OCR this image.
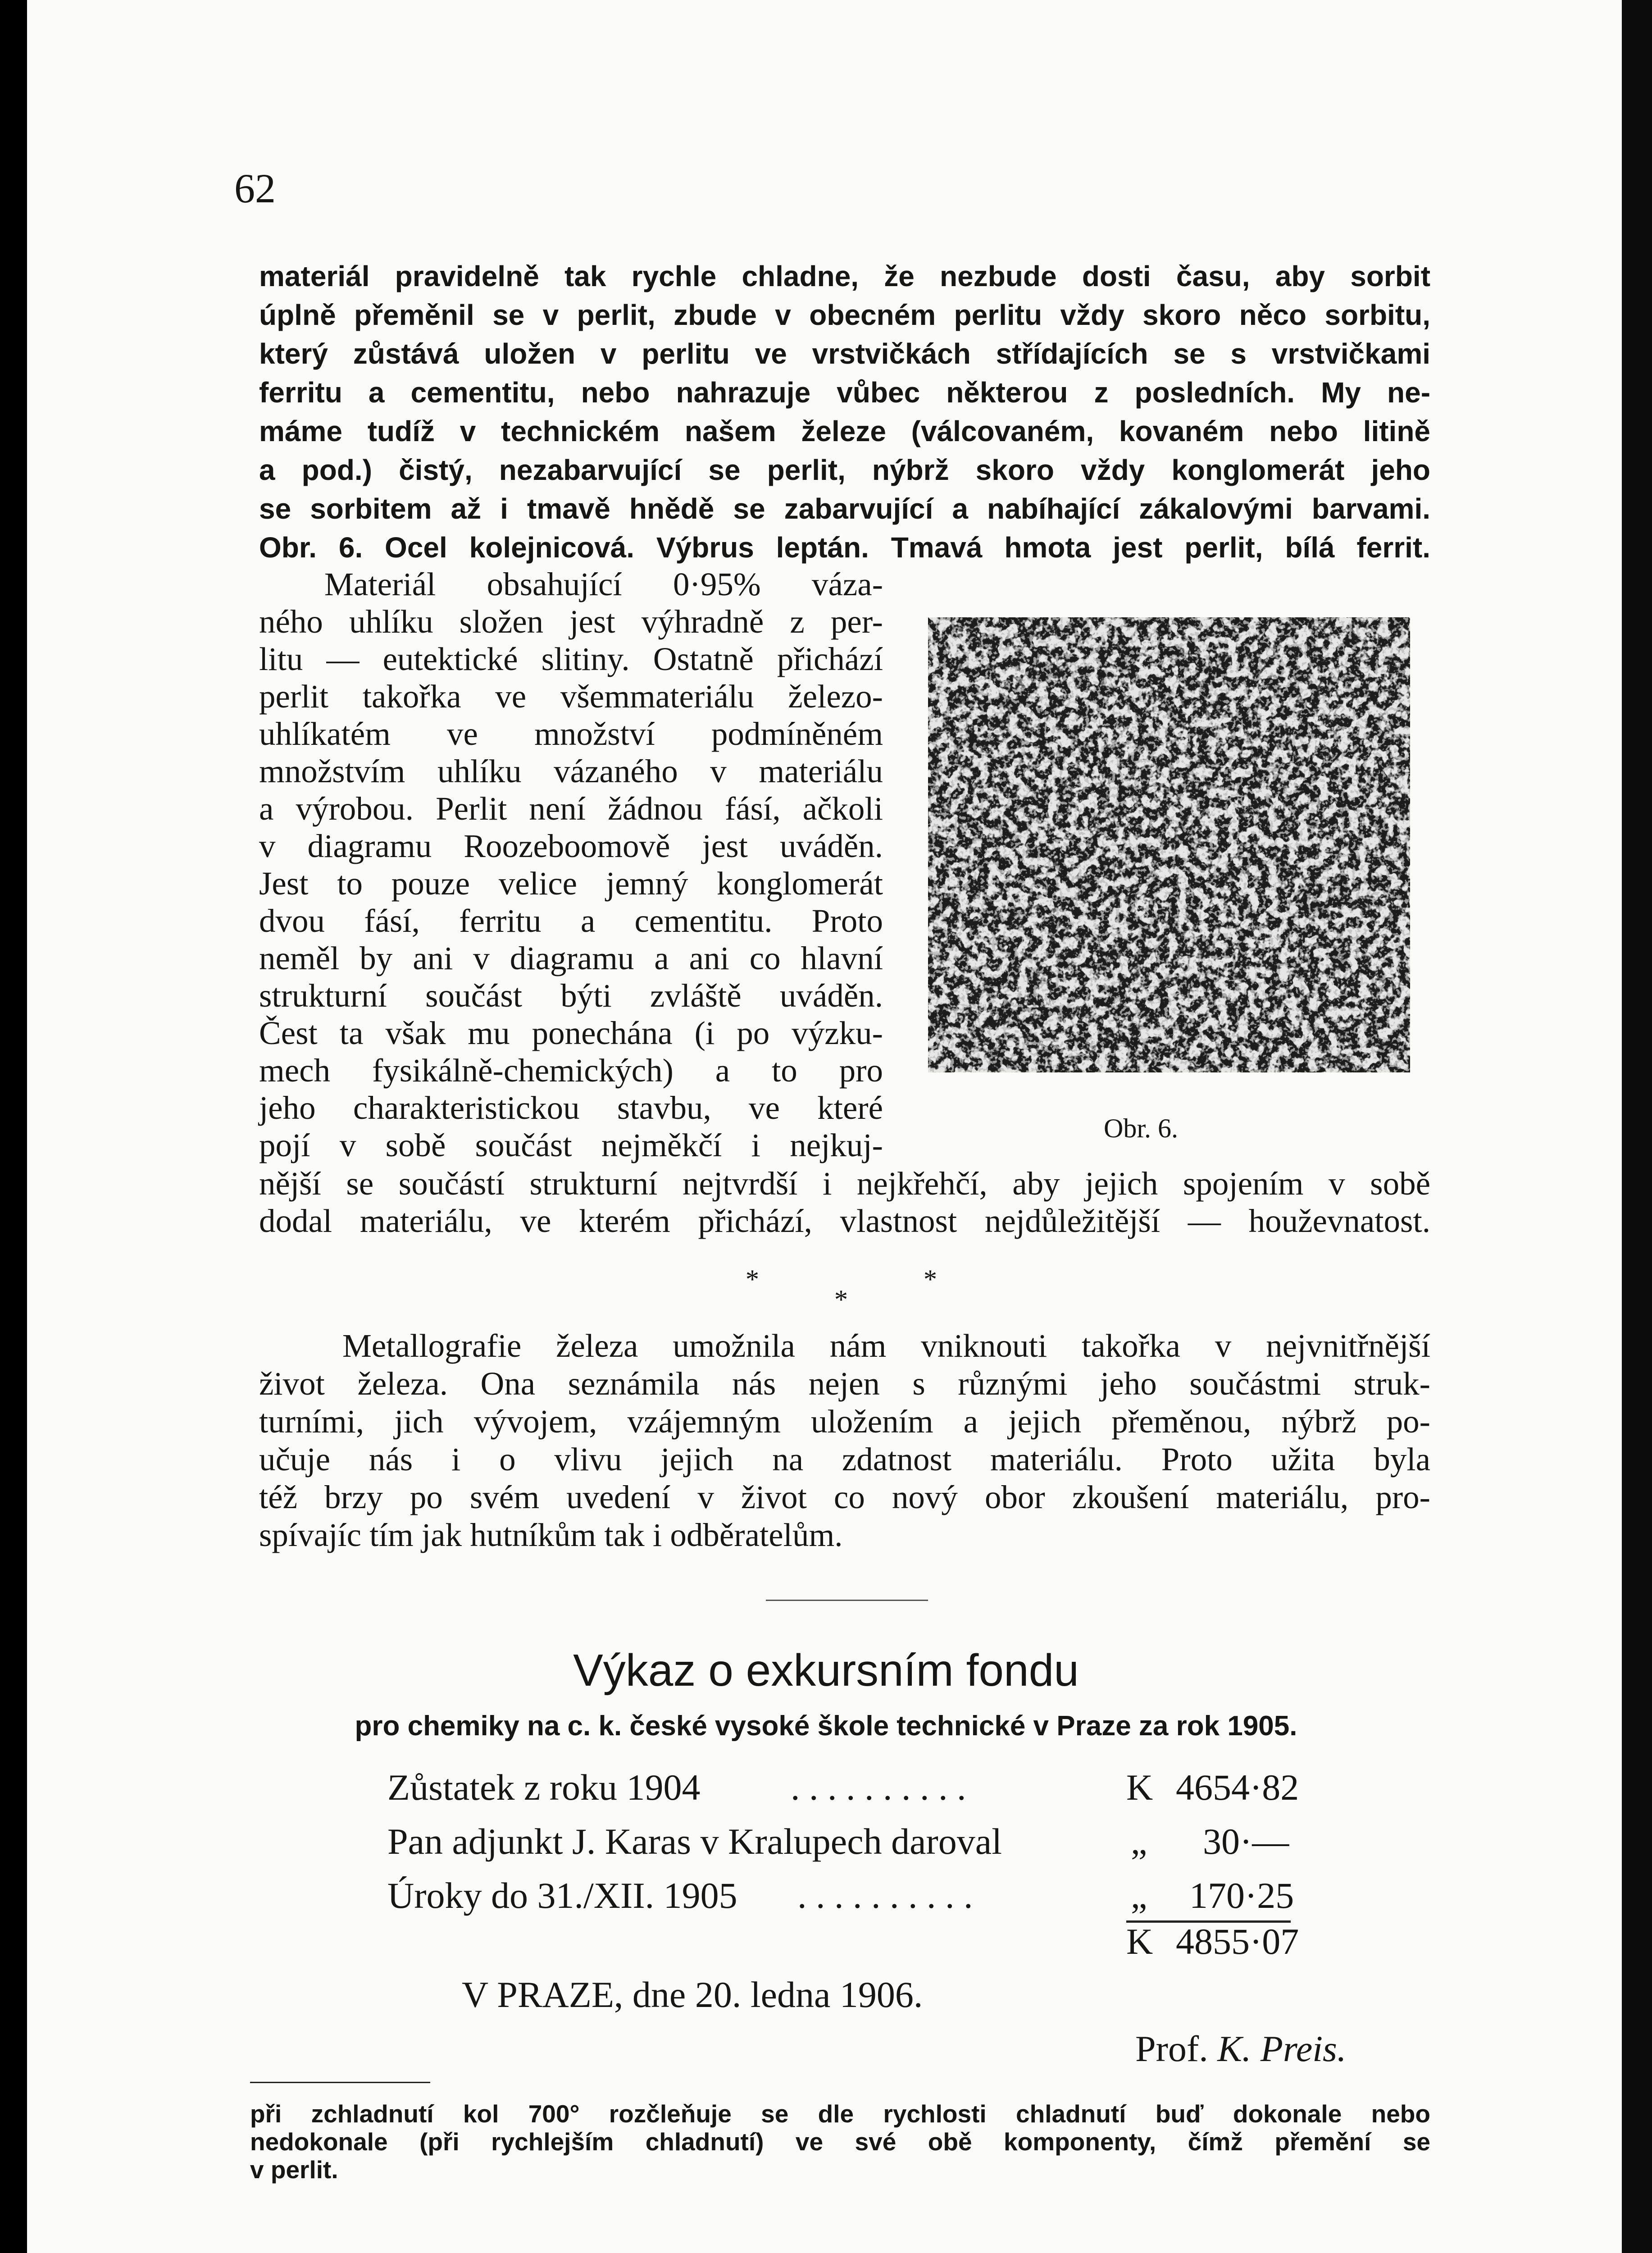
62
materiál pravidelně tak rychle chladne, že nezbude dosti času, aby sorbit
úplně přeměnil se v perlit, zbude v obecném perlitu vždy skoro něco sorbitu,
který zůstává uložen v perlitu ve vrstvičkách střídajících se s vrstvičkami
ferritu a cementitu, nebo nahrazuje vůbec některou z posledních. My ne-
máme tudíž v technickém našem železe (válcovaném, kovaném nebo litině
a pod.) čistý, nezabarvující se perlit, nýbrž skoro vždy konglomerát jeho
se sorbitem až i tmavě hnědě se zabarvující a nabíhající zákalovými barvami.
Obr. 6. Ocel kolejnicová. Výbrus leptán. Tmavá hmota jest perlit, bílá ferrit.
Materiál obsahující 0·95% váza-
ného uhlíku složen jest výhradně z per-
litu — eutektické slitiny. Ostatně přichází
perlit takořka ve všemmateriálu železo-
uhlíkatém ve množství podmíněném
množstvím uhlíku vázaného v materiálu
a výrobou. Perlit není žádnou fásí, ačkoli
v diagramu Roozeboomově jest uváděn.
Jest to pouze velice jemný konglomerát
dvou fásí, ferritu a cementitu. Proto
neměl by ani v diagramu a ani co hlavní
strukturní součást býti zvláště uváděn.
Čest ta však mu ponechána (i po výzku-
mech fysikálně-chemických) a to pro
jeho charakteristickou stavbu, ve které
pojí v sobě součást nejměkčí i nejkuj-	Obr. 6.
nější se součástí strukturní nejtvrdší i nejkřehčí, aby jejich spojením v sobě
dodal materiálu, ve kterém přichází, vlastnost nejdůležitější — houževnatost.
*	*
*
Metallografie železa umožnila nám vniknouti takořka v nejvnitřnější
život železa. Ona seznámila nás nejen s různými jeho součástmi struk-
turními, jich vývojem, vzájemným uložením a jejich přeměnou, nýbrž po-
učuje nás i o vlivu jejich na zdatnost materiálu. Proto užita byla
též brzy po svém uvedení v život co nový obor zkoušení materiálu, pro-
spívajíc tím jak hutníkům tak i odběratelům.
Výkaz o exkursním fondu
pro chemiky na c. k. české vysoké škole technické v Praze za rok 1905.
Zůstatek z roku 1904 . . . . . . . . . .	K 4654·82
Pan adjunkt J. Karas v Kralupech daroval	„ 30·—
Úroky do 31./XII. 1905 . . . . . . . . . .	„ 170·25
K 4855·07
V PRAZE, dne 20. ledna 1906.
Prof. K. Preis.
při zchladnutí kol 700° rozčleňuje se dle rychlosti chladnutí buď dokonale nebo
nedokonale (při rychlejším chladnutí) ve své obě komponenty, čímž přemění se
v perlit.
